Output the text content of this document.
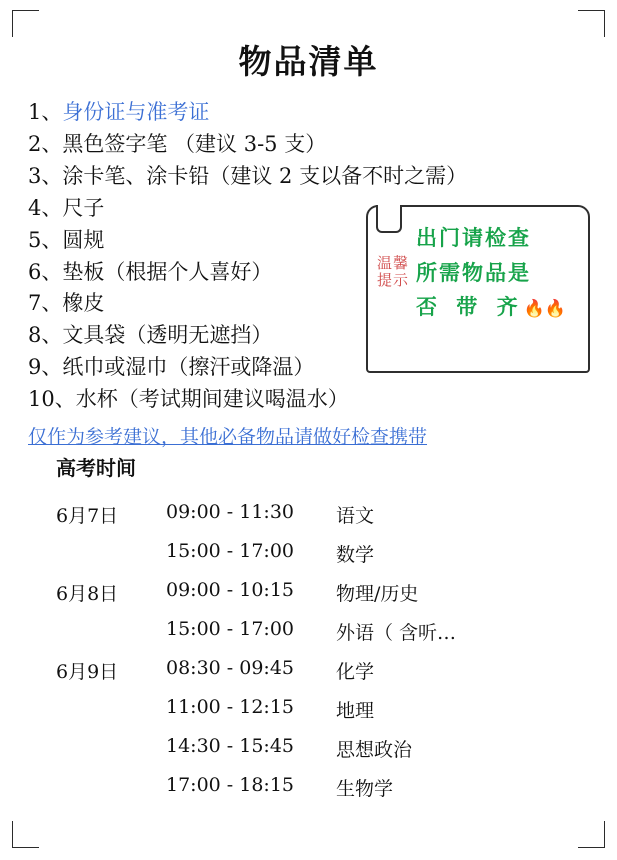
物品清单
1、身份证与准考证
2、黑色签字笔 （建议 3-5 支）
3、涂卡笔、涂卡铅（建议 2 支以备不时之需）
4、尺子
5、圆规
6、垫板（根据个人喜好）
7、橡皮
8、文具袋（透明无遮挡）
9、纸巾或湿巾（擦汗或降温）
10、水杯（考试期间建议喝温水）
仅作为参考建议，其他必备物品请做好检查携带
温馨提示
出门请检查
所需物品是
否 带 齐🔥🔥
高考时间
6月7日	09:00 - 11:30	语文
	15:00 - 17:00	数学
6月8日	09:00 - 10:15	物理/历史
	15:00 - 17:00	外语（ 含听…
6月9日	08:30 - 09:45	化学
	11:00 - 12:15	地理
	14:30 - 15:45	思想政治
	17:00 - 18:15	生物学
